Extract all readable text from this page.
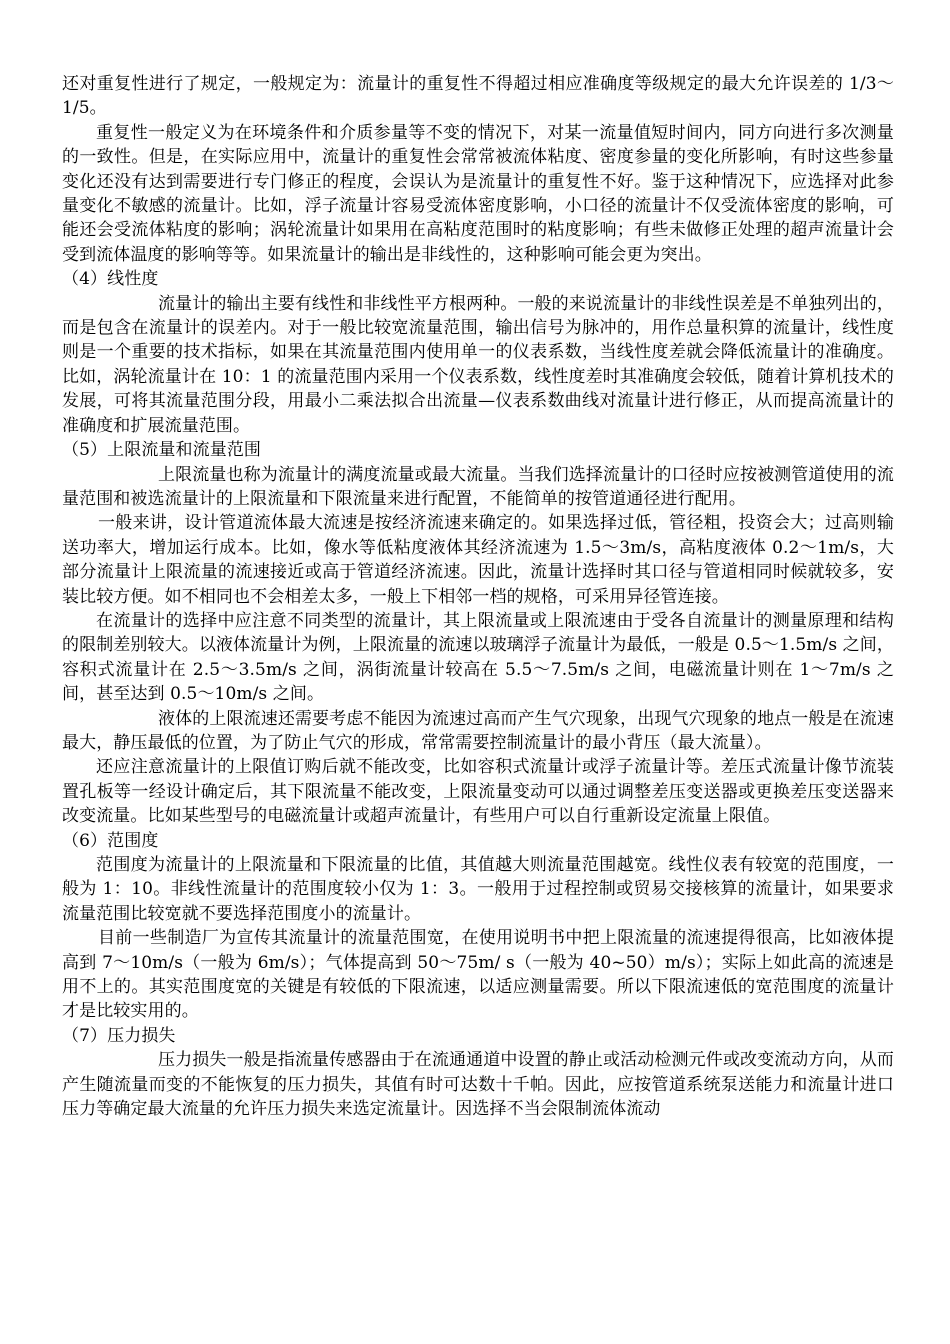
还对重复性进行了规定，一般规定为：流量计的重复性不得超过相应准确度等级规定的最大允许误差的 1/3～1/5。

重复性一般定义为在环境条件和介质参量等不变的情况下，对某一流量值短时间内，同方向进行多次测量的一致性。但是，在实际应用中，流量计的重复性会常常被流体粘度、密度参量的变化所影响，有时这些参量变化还没有达到需要进行专门修正的程度，会误认为是流量计的重复性不好。鉴于这种情况下，应选择对此参量变化不敏感的流量计。比如，浮子流量计容易受流体密度影响，小口径的流量计不仅受流体密度的影响，可能还会受流体粘度的影响；涡轮流量计如果用在高粘度范围时的粘度影响；有些未做修正处理的超声流量计会受到流体温度的影响等等。如果流量计的输出是非线性的，这种影响可能会更为突出。

（4）线性度

流量计的输出主要有线性和非线性平方根两种。一般的来说流量计的非线性误差是不单独列出的，而是包含在流量计的误差内。对于一般比较宽流量范围，输出信号为脉冲的，用作总量积算的流量计，线性度则是一个重要的技术指标，如果在其流量范围内使用单一的仪表系数，当线性度差就会降低流量计的准确度。比如，涡轮流量计在 10：1 的流量范围内采用一个仪表系数，线性度差时其准确度会较低，随着计算机技术的发展，可将其流量范围分段，用最小二乘法拟合出流量—仪表系数曲线对流量计进行修正，从而提高流量计的准确度和扩展流量范围。

（5）上限流量和流量范围

上限流量也称为流量计的满度流量或最大流量。当我们选择流量计的口径时应按被测管道使用的流量范围和被选流量计的上限流量和下限流量来进行配置，不能简单的按管道通径进行配用。

一般来讲，设计管道流体最大流速是按经济流速来确定的。如果选择过低，管径粗，投资会大；过高则输送功率大，增加运行成本。比如，像水等低粘度液体其经济流速为 1.5～3m/s，高粘度液体 0.2～1m/s，大部分流量计上限流量的流速接近或高于管道经济流速。因此，流量计选择时其口径与管道相同时候就较多，安装比较方便。如不相同也不会相差太多，一般上下相邻一档的规格，可采用异径管连接。

在流量计的选择中应注意不同类型的流量计，其上限流量或上限流速由于受各自流量计的测量原理和结构的限制差别较大。以液体流量计为例，上限流量的流速以玻璃浮子流量计为最低，一般是 0.5～1.5m/s 之间，容积式流量计在 2.5～3.5m/s 之间，涡街流量计较高在 5.5～7.5m/s 之间，电磁流量计则在 1～7m/s 之间，甚至达到 0.5～10m/s 之间。

液体的上限流速还需要考虑不能因为流速过高而产生气穴现象，出现气穴现象的地点一般是在流速最大，静压最低的位置，为了防止气穴的形成，常常需要控制流量计的最小背压（最大流量）。

还应注意流量计的上限值订购后就不能改变，比如容积式流量计或浮子流量计等。差压式流量计像节流装置孔板等一经设计确定后，其下限流量不能改变，上限流量变动可以通过调整差压变送器或更换差压变送器来改变流量。比如某些型号的电磁流量计或超声流量计，有些用户可以自行重新设定流量上限值。

（6）范围度

范围度为流量计的上限流量和下限流量的比值，其值越大则流量范围越宽。线性仪表有较宽的范围度，一般为 1：10。非线性流量计的范围度较小仅为 1：3。一般用于过程控制或贸易交接核算的流量计，如果要求流量范围比较宽就不要选择范围度小的流量计。

目前一些制造厂为宣传其流量计的流量范围宽，在使用说明书中把上限流量的流速提得很高，比如液体提高到 7～10m/s（一般为 6m/s）；气体提高到 50～75m/ s（一般为 40~50）m/s）；实际上如此高的流速是用不上的。其实范围度宽的关键是有较低的下限流速，以适应测量需要。所以下限流速低的宽范围度的流量计才是比较实用的。

（7）压力损失

压力损失一般是指流量传感器由于在流通通道中设置的静止或活动检测元件或改变流动方向，从而产生随流量而变的不能恢复的压力损失，其值有时可达数十千帕。因此，应按管道系统泵送能力和流量计进口压力等确定最大流量的允许压力损失来选定流量计。因选择不当会限制流体流动
